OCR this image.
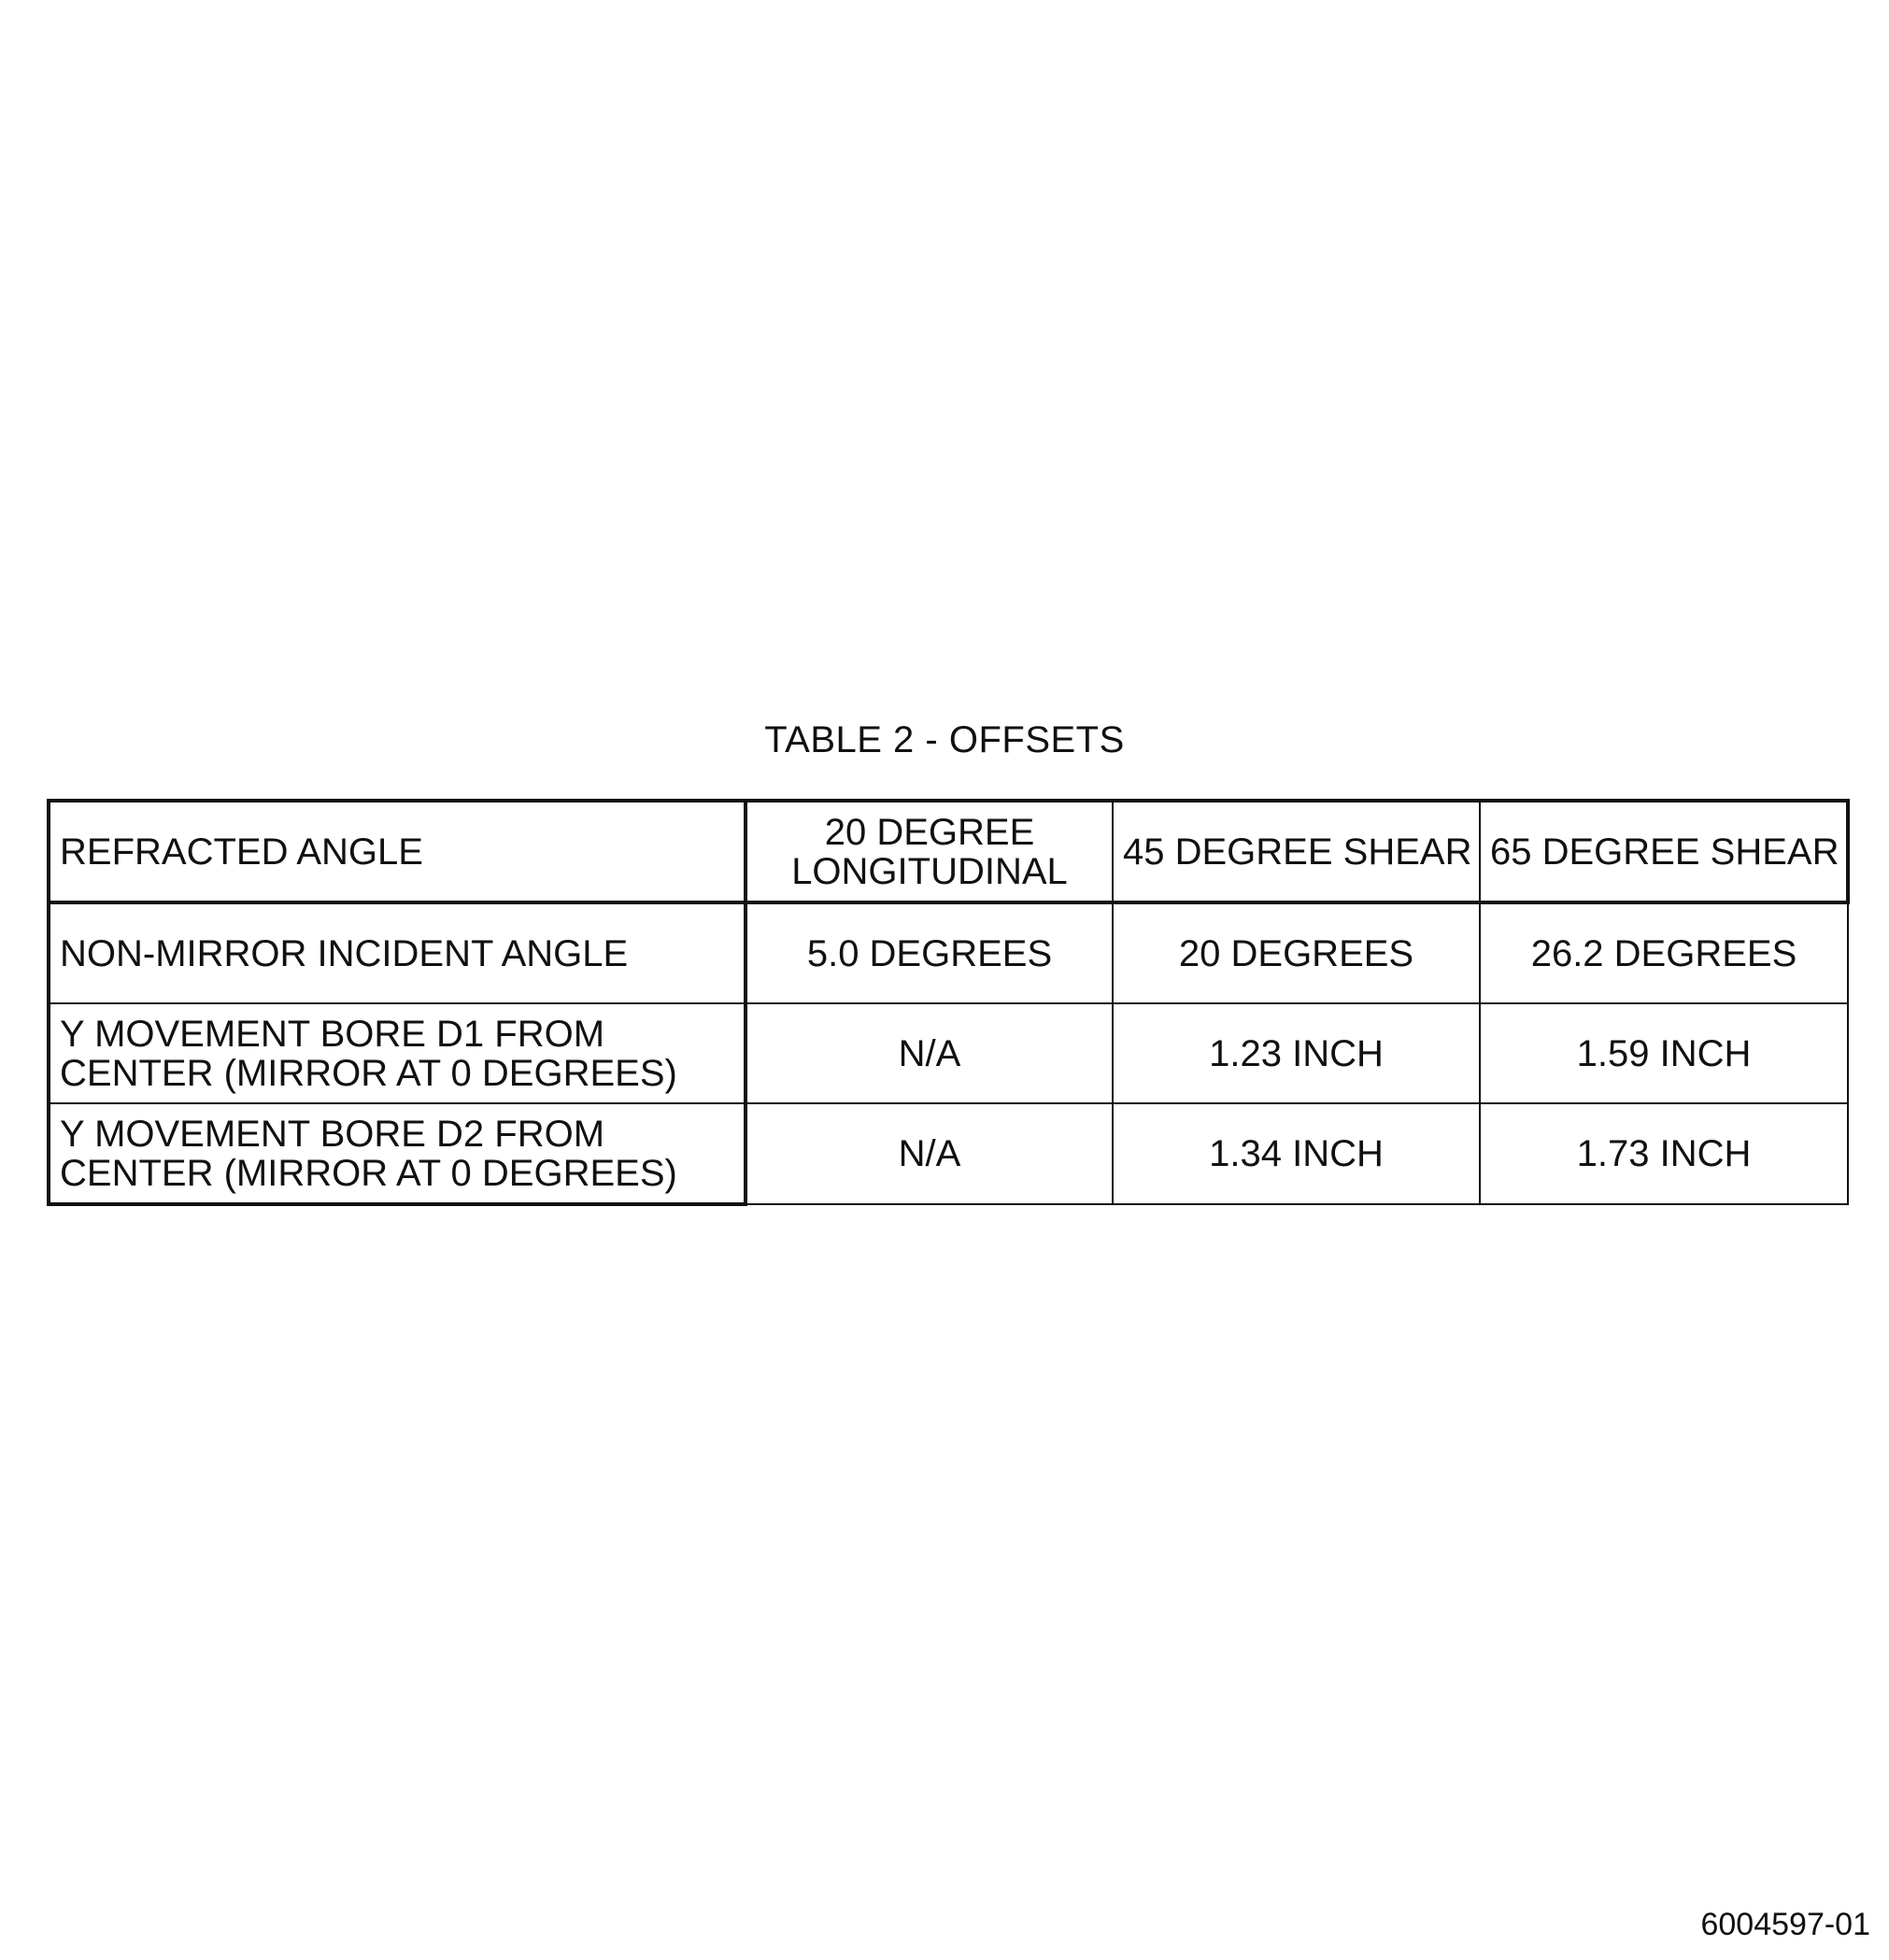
TABLE 2 - OFFSETS
REFRACTED ANGLE	20 DEGREE LONGITUDINAL	45 DEGREE SHEAR	65 DEGREE SHEAR
NON-MIRROR INCIDENT ANGLE	5.0 DEGREES	20 DEGREES	26.2 DEGREES
Y MOVEMENT BORE D1 FROM CENTER (MIRROR AT 0 DEGREES)	N/A	1.23 INCH	1.59 INCH
Y MOVEMENT BORE D2 FROM CENTER (MIRROR AT 0 DEGREES)	N/A	1.34 INCH	1.73 INCH
6004597-01
